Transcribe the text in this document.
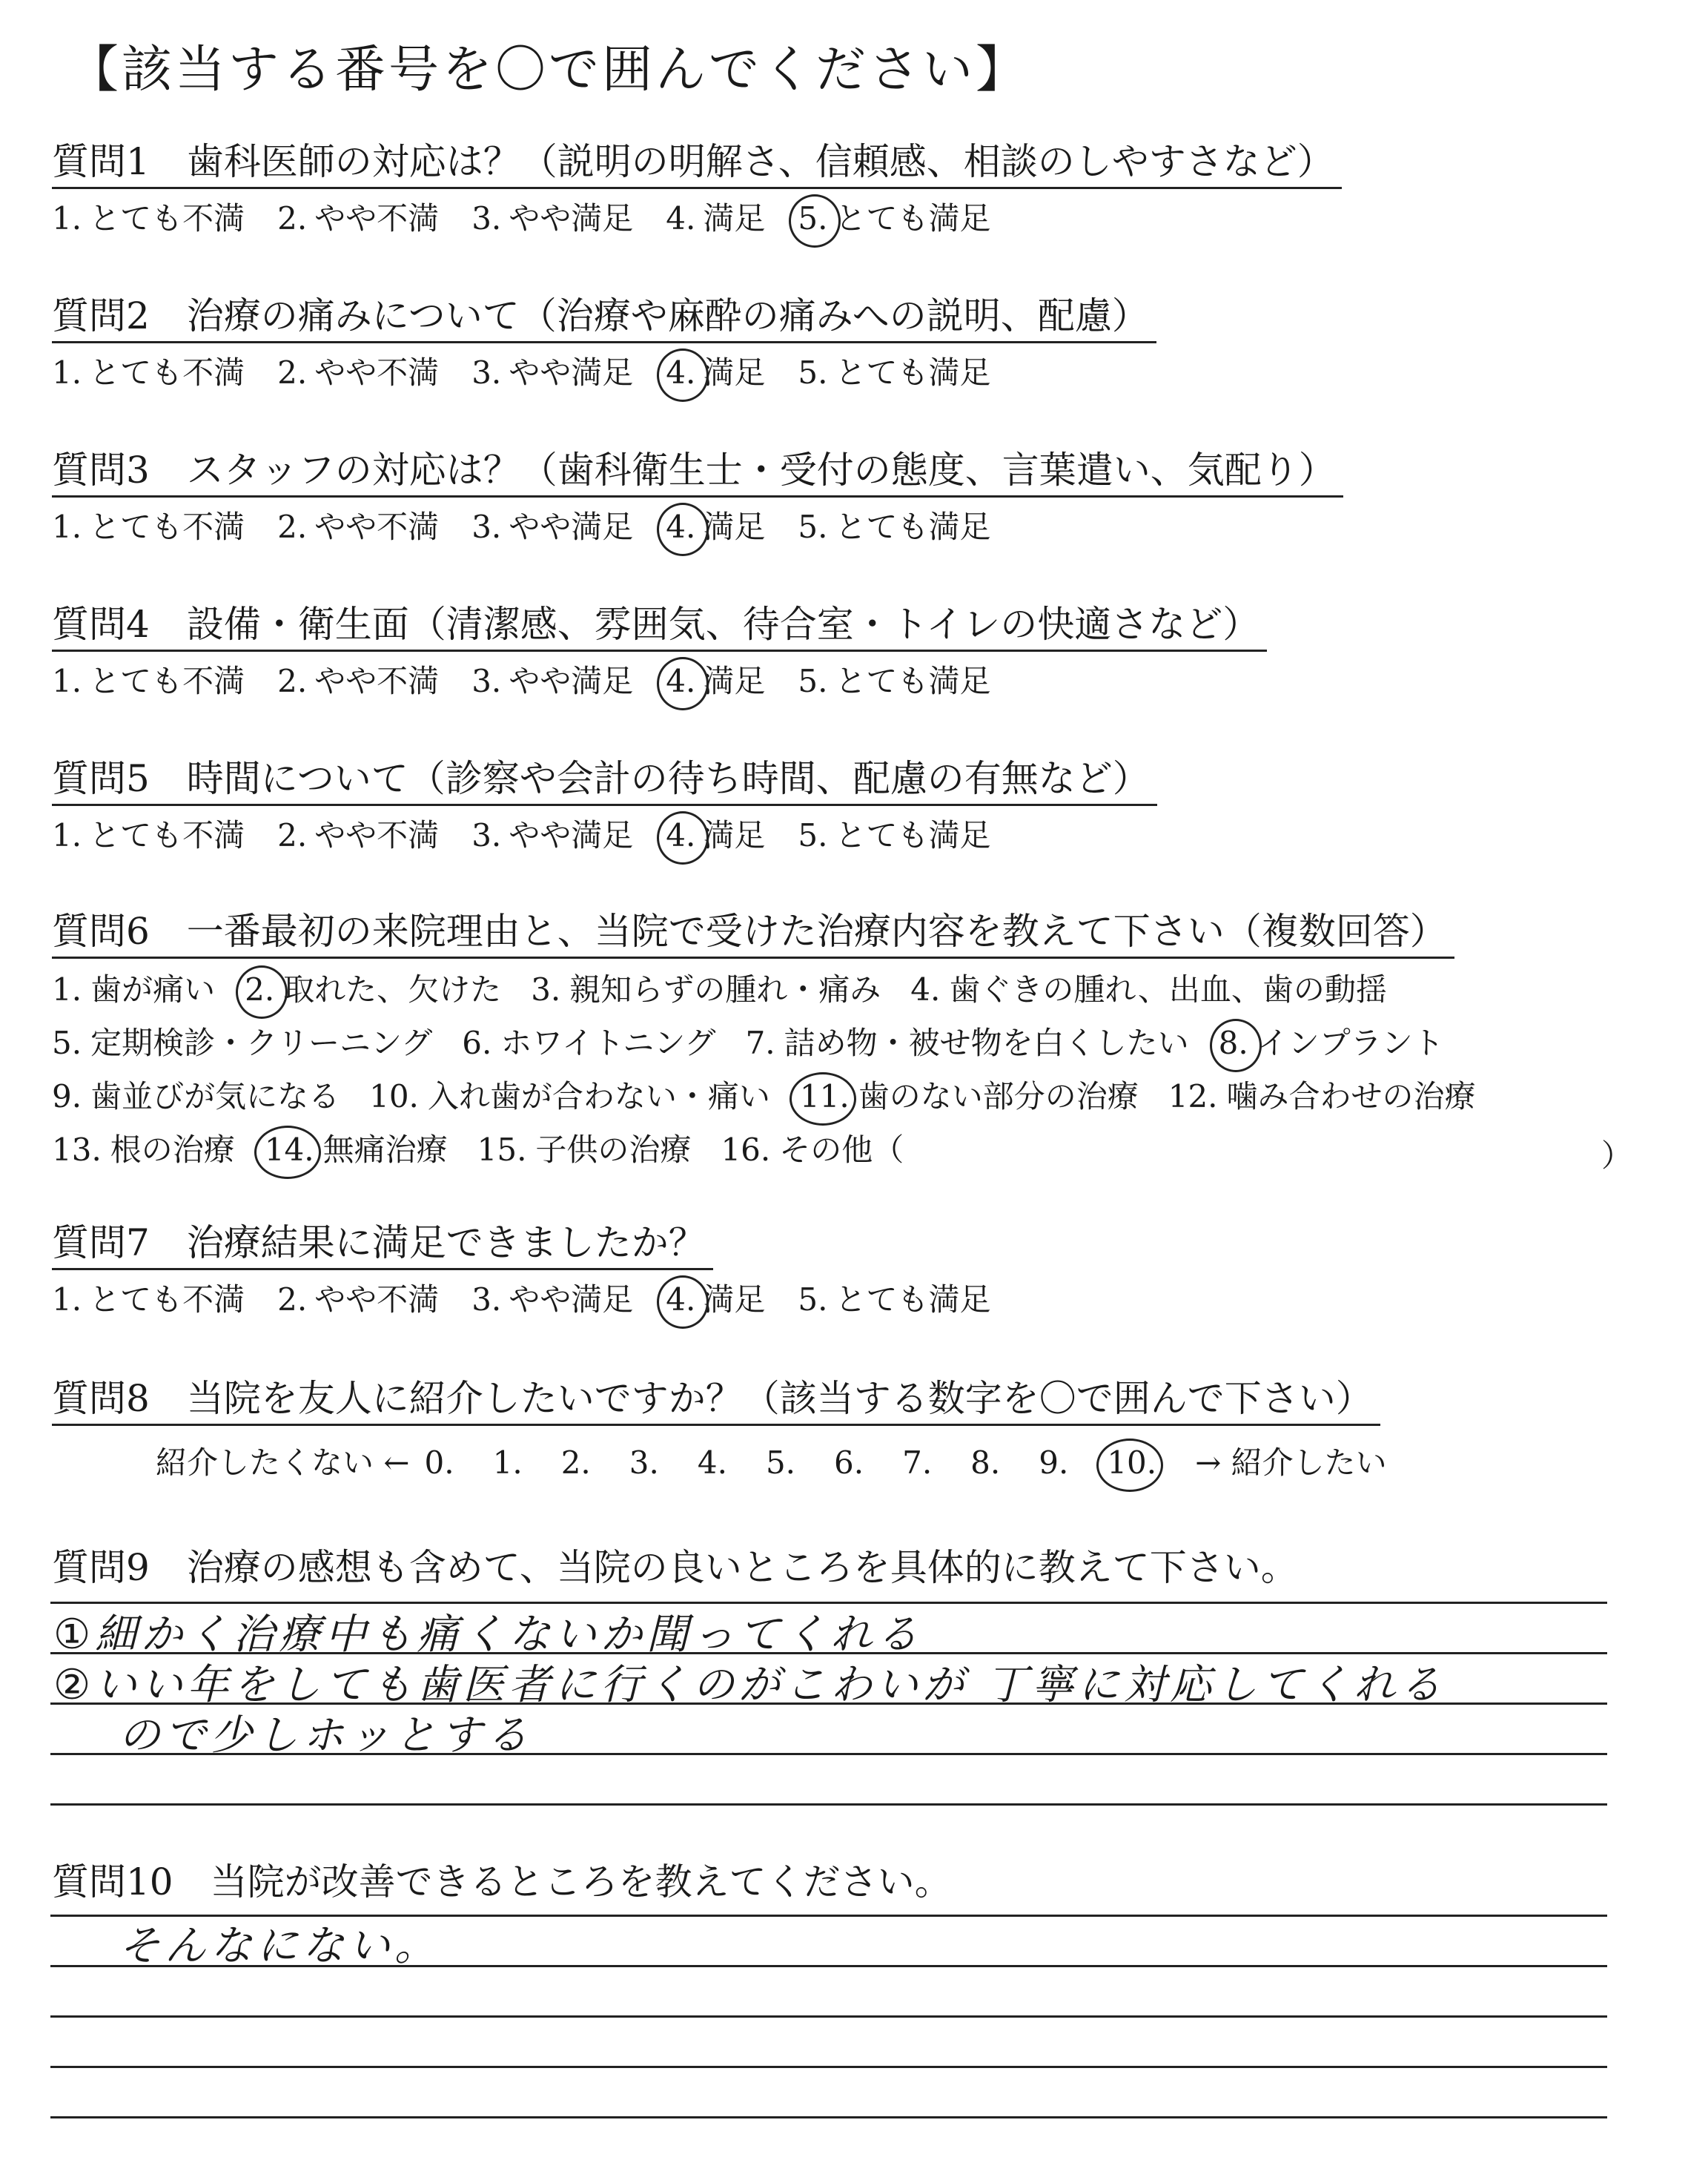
【該当する番号を〇で囲んでください】
質問1　歯科医師の対応は？（説明の明解さ、信頼感、相談のしやすさなど）
1. とても不満 2. やや不満 3. やや満足 4. 満足 5. とても満足
質問2　治療の痛みについて（治療や麻酔の痛みへの説明、配慮）
1. とても不満 2. やや不満 3. やや満足 4. 満足 5. とても満足
質問3　スタッフの対応は？（歯科衛生士・受付の態度、言葉遣い、気配り）
1. とても不満 2. やや不満 3. やや満足 4. 満足 5. とても満足
質問4　設備・衛生面（清潔感、雰囲気、待合室・トイレの快適さなど）
1. とても不満 2. やや不満 3. やや満足 4. 満足 5. とても満足
質問5　時間について（診察や会計の待ち時間、配慮の有無など）
1. とても不満 2. やや不満 3. やや満足 4. 満足 5. とても満足
質問6　一番最初の来院理由と、当院で受けた治療内容を教えて下さい（複数回答）
1. 歯が痛い 2. 取れた、欠けた 3. 親知らずの腫れ・痛み 4. 歯ぐきの腫れ、出血、歯の動揺
5. 定期検診・クリーニング 6. ホワイトニング 7. 詰め物・被せ物を白くしたい 8. インプラント
9. 歯並びが気になる 10. 入れ歯が合わない・痛い 11. 歯のない部分の治療 12. 噛み合わせの治療
13. 根の治療 14. 無痛治療 15. 子供の治療 16. その他（	）
質問7　治療結果に満足できましたか？
1. とても不満 2. やや不満 3. やや満足 4. 満足 5. とても満足
質問8　当院を友人に紹介したいですか？（該当する数字を〇で囲んで下さい）
紹介したくない ← 0. 1. 2. 3. 4. 5. 6. 7. 8. 9. 10. → 紹介したい
質問9　治療の感想も含めて、当院の良いところを具体的に教えて下さい。
①細かく治療中も痛くないか聞ってくれる
②いい年をしても歯医者に行くのがこわいが 丁寧に対応してくれる
ので少しホッとする
質問10　当院が改善できるところを教えてください。
そんなにない。
